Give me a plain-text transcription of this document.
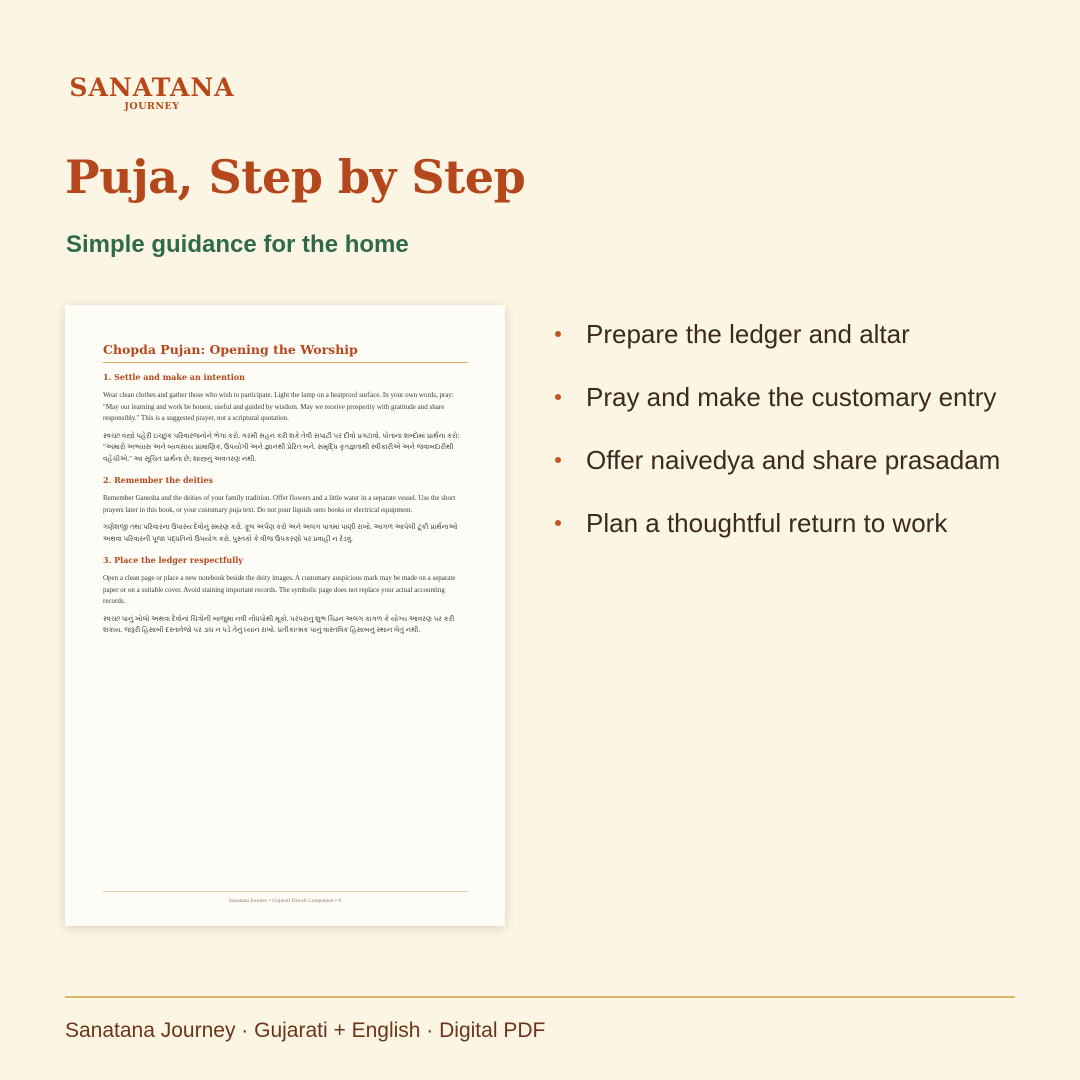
SANATANA
JOURNEY
Puja, Step by Step
Simple guidance for the home
Chopda Pujan: Opening the Worship
1. Settle and make an intention

Wear clean clothes and gather those who wish to participate. Light the lamp on a heatproof surface. In your own words, pray: "May our learning and work be honest, useful and guided by wisdom. May we receive prosperity with gratitude and share responsibly." This is a suggested prayer, not a scriptural quotation.

સ્વચ્છ વસ્ત્રો પહેરી ઇચ્છુક પરિવારજનોને ભેગા કરો. ગરમી સહન કરી શકે તેવી સપાટી પર દીવો પ્રગટાવો. પોતાના શબ્દોમાં પ્રાર્થના કરો: "અમારો અભ્યાસ અને વ્યવસાય પ્રામાણિક, ઉપયોગી અને જ્ઞાનથી પ્રેરિત બને. સમૃદ્ધિ કૃતજ્ઞતાથી સ્વીકારીએ અને જવાબદારીથી વહેંચીએ." આ સૂચિત પ્રાર્થના છે; શાસ્ત્રનું અવતરણ નથી.

2. Remember the deities

Remember Ganesha and the deities of your family tradition. Offer flowers and a little water in a separate vessel. Use the short prayers later in this book, or your customary puja text. Do not pour liquids onto books or electrical equipment.

ગણેશજી તથા પરિવારના ઉપાસ્ય દેવોનું સ્મરણ કરો. ફૂલ અર્પણ કરો અને અલગ પાત્રમાં પાણી રાખો. આગળ આપેલી ટૂંકી પ્રાર્થનાઓ અથવા પરિવારની પૂજા પદ્ધતિનો ઉપયોગ કરો. પુસ્તકો કે વીજ ઉપકરણો પર પ્રવાહી ન રેડવું.

3. Place the ledger respectfully

Open a clean page or place a new notebook beside the deity images. A customary auspicious mark may be made on a separate paper or on a suitable cover. Avoid staining important records. The symbolic page does not replace your actual accounting records.

સ્વચ્છ પાનું ખોલો અથવા દેવોનાં ચિત્રોની બાજુમાં નવી નોંધપોથી મૂકો. પરંપરાનું શુભ ચિહ્ન અલગ કાગળ કે યોગ્ય આવરણ પર કરી શકાય. જરૂરી હિસાબી દસ્તાવેજો પર ડાઘ ન પડે તેનું ધ્યાન રાખો. પ્રતીકાત્મક પાનું વાસ્તવિક હિસાબનું સ્થાન લેતું નથી.

Sanatana Journey • Gujarati Diwali Companion • 6
Prepare the ledger and altar
Pray and make the customary entry
Offer naivedya and share prasadam
Plan a thoughtful return to work
Sanatana Journey · Gujarati + English · Digital PDF
